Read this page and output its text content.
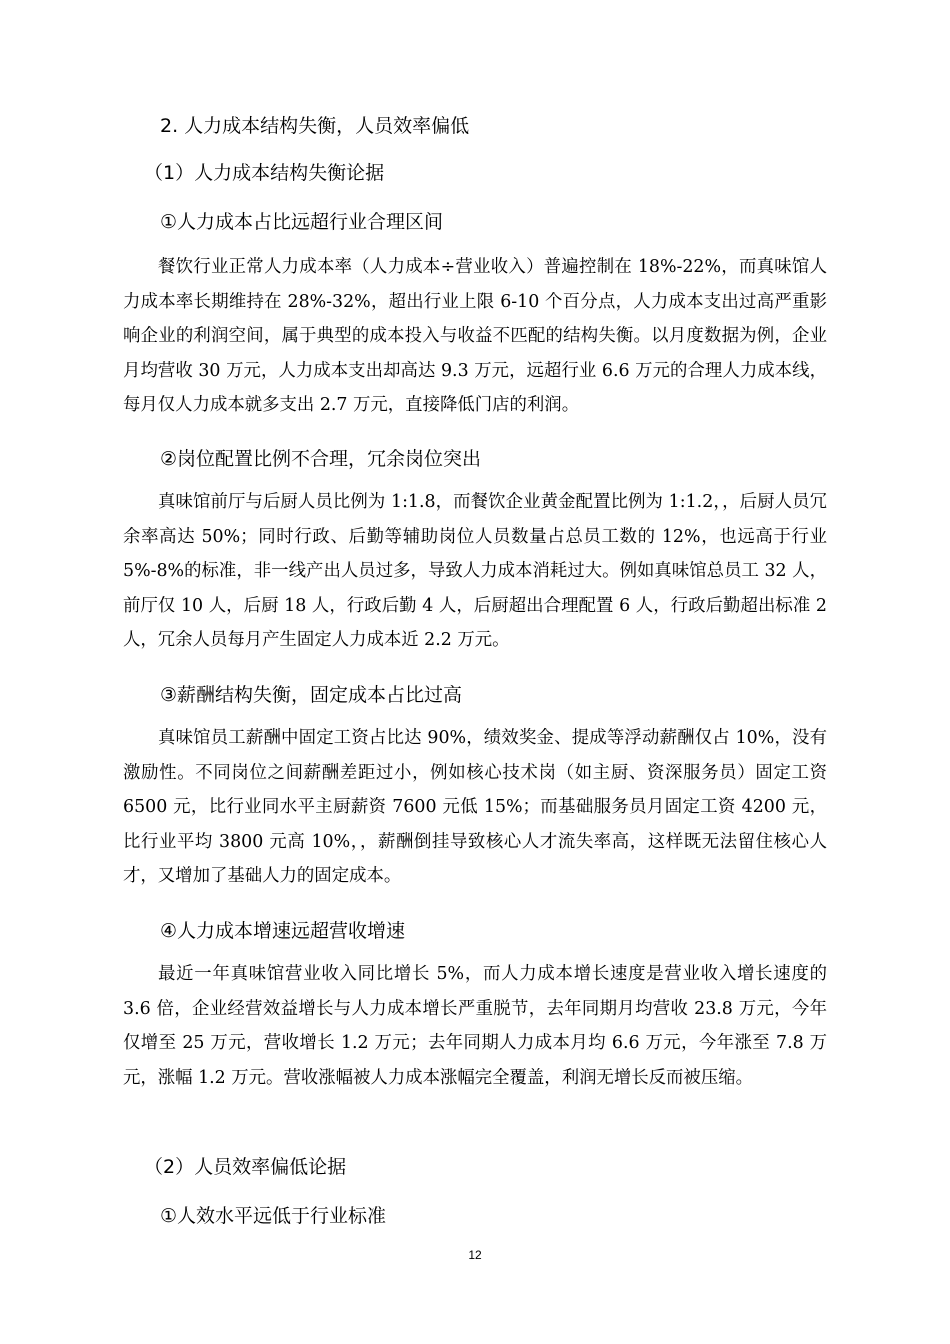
2. 人力成本结构失衡，人员效率偏低
（1）人力成本结构失衡论据
①人力成本占比远超行业合理区间

餐饮行业正常人力成本率（人力成本÷营业收入）普遍控制在 18%-22%，而真味馆人力成本率长期维持在 28%-32%，超出行业上限 6-10 个百分点，人力成本支出过高严重影响企业的利润空间，属于典型的成本投入与收益不匹配的结构失衡。以月度数据为例，企业月均营收 30 万元，人力成本支出却高达 9.3 万元，远超行业 6.6 万元的合理人力成本线，每月仅人力成本就多支出 2.7 万元，直接降低门店的利润。

②岗位配置比例不合理，冗余岗位突出

真味馆前厅与后厨人员比例为 1:1.8，而餐饮企业黄金配置比例为 1:1.2，，后厨人员冗余率高达 50%；同时行政、后勤等辅助岗位人员数量占总员工数的 12%，也远高于行业 5%-8%的标准，非一线产出人员过多，导致人力成本消耗过大。例如真味馆总员工 32 人，前厅仅 10 人，后厨 18 人，行政后勤 4 人，后厨超出合理配置 6 人，行政后勤超出标准 2 人，冗余人员每月产生固定人力成本近 2.2 万元。

③薪酬结构失衡，固定成本占比过高

真味馆员工薪酬中固定工资占比达 90%，绩效奖金、提成等浮动薪酬仅占 10%，没有激励性。不同岗位之间薪酬差距过小，例如核心技术岗（如主厨、资深服务员）固定工资 6500 元，比行业同水平主厨薪资 7600 元低 15%；而基础服务员月固定工资 4200 元，比行业平均 3800 元高 10%，，薪酬倒挂导致核心人才流失率高，这样既无法留住核心人才，又增加了基础人力的固定成本。

④人力成本增速远超营收增速

最近一年真味馆营业收入同比增长 5%，而人力成本增长速度是营业收入增长速度的 3.6 倍，企业经营效益增长与人力成本增长严重脱节，去年同期月均营收 23.8 万元，今年仅增至 25 万元，营收增长 1.2 万元；去年同期人力成本月均 6.6 万元，今年涨至 7.8 万元，涨幅 1.2 万元。营收涨幅被人力成本涨幅完全覆盖，利润无增长反而被压缩。

（2）人员效率偏低论据
①人效水平远低于行业标准
12
